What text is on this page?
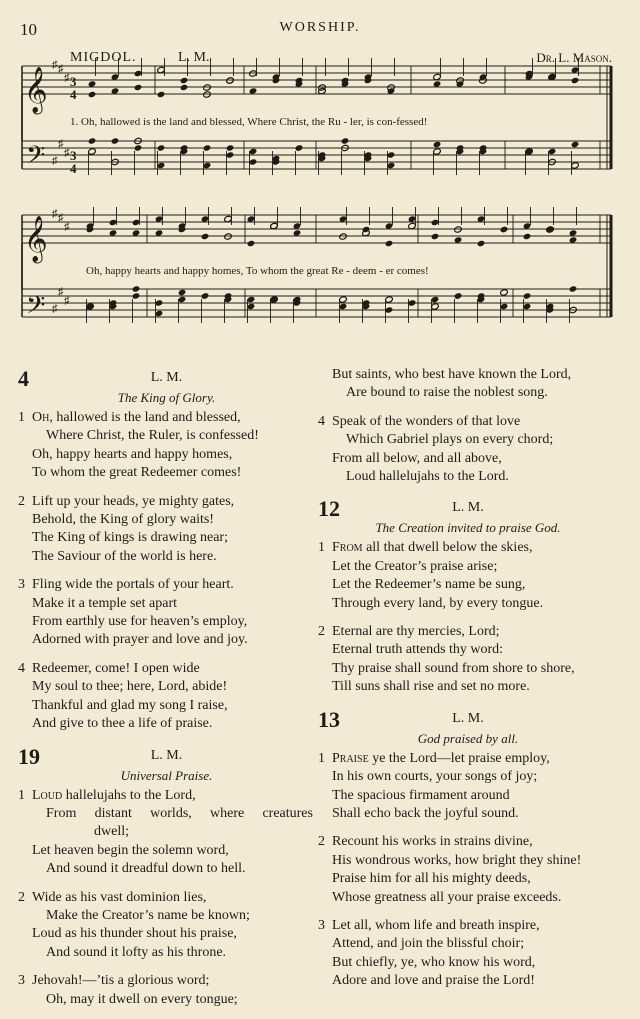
10	WORSHIP.
MIGDOL.	L. M.	Dr. L. Mason.
♯
♯
♯
♯
♯
♯
♯
♯
♯
♯
♯
♯
𝄞
𝄞
𝄢
𝄢
3
4
3
4
1. Oh, hallowed is the land and blessed, Where Christ, the Ru - ler, is con-fessed!
Oh, happy hearts and happy homes, To whom the great Re - deem - er comes!
4	L. M.
The King of Glory.
1 Oh, hallowed is the land and blessed,
Where Christ, the Ruler, is confessed!
Oh, happy hearts and happy homes,
To whom the great Redeemer comes!
2 Lift up your heads, ye mighty gates,
Behold, the King of glory waits!
The King of kings is drawing near;
The Saviour of the world is here.
3 Fling wide the portals of your heart.
Make it a temple set apart
From earthly use for heaven’s employ,
Adorned with prayer and love and joy.
4 Redeemer, come! I open wide
My soul to thee; here, Lord, abide!
Thankful and glad my song I raise,
And give to thee a life of praise.
19	L. M.
Universal Praise.
1 Loud hallelujahs to the Lord,
From distant worlds, where creatures
dwell;
Let heaven begin the solemn word,
And sound it dreadful down to hell.
2 Wide as his vast dominion lies,
Make the Creator’s name be known;
Loud as his thunder shout his praise,
And sound it lofty as his throne.
3 Jehovah!—’tis a glorious word;
Oh, may it dwell on every tongue;
But saints, who best have known the Lord,
Are bound to raise the noblest song.
4 Speak of the wonders of that love
Which Gabriel plays on every chord;
From all below, and all above,
Loud hallelujahs to the Lord.
12	L. M.
The Creation invited to praise God.
1 From all that dwell below the skies,
Let the Creator’s praise arise;
Let the Redeemer’s name be sung,
Through every land, by every tongue.
2 Eternal are thy mercies, Lord;
Eternal truth attends thy word:
Thy praise shall sound from shore to shore,
Till suns shall rise and set no more.
13	L. M.
God praised by all.
1 Praise ye the Lord—let praise employ,
In his own courts, your songs of joy;
The spacious firmament around
Shall echo back the joyful sound.
2 Recount his works in strains divine,
His wondrous works, how bright they shine!
Praise him for all his mighty deeds,
Whose greatness all your praise exceeds.
3 Let all, whom life and breath inspire,
Attend, and join the blissful choir;
But chiefly, ye, who know his word,
Adore and love and praise the Lord!
